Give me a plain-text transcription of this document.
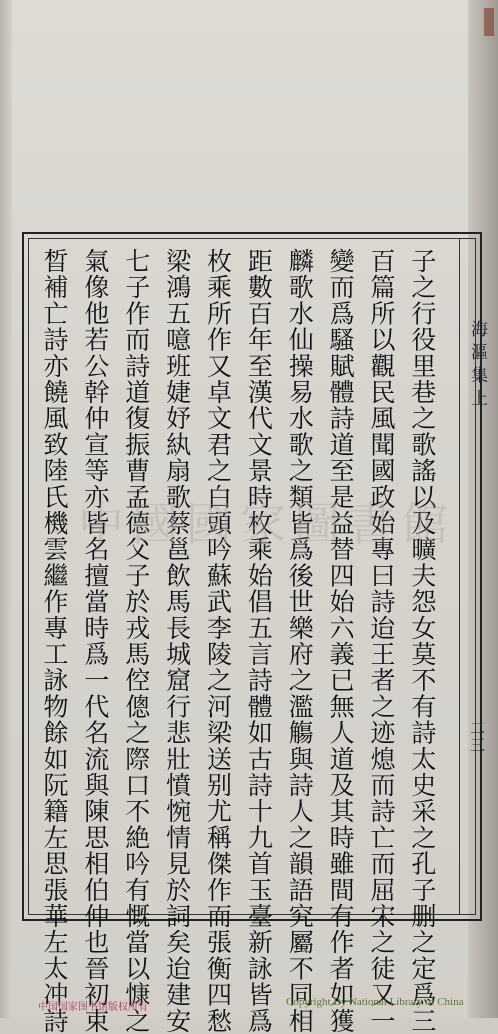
子之行役里巷之歌謠以及曠夫怨女莫不有詩太史采之孔子删之定爲三
百篇所以觀民風聞國政始專曰詩迨王者之迹熄而詩亡而屈宋之徒又一
變而爲騷賦體詩道至是益替四始六義已無人道及其時雖間有作者如獲
麟歌水仙操易水歌之類皆爲後世樂府之濫觴與詩人之韻語究屬不同相
距數百年至漢代文景時枚乘始倡五言詩體如古詩十九首玉臺新詠皆爲
枚乘所作又卓文君之白頭吟蘇武李陵之河梁送别尤稱傑作而張衡四愁
梁鴻五噫班婕妤紈扇歌蔡邕飲馬長城窟行悲壯憤惋情見於詞矣迨建安
七子作而詩道復振曹孟德父子於戎馬倥傯之際口不絶吟有慨當以慷之
氣像他若公幹仲宣等亦皆名擅當時爲一代名流與陳思相伯仲也晉初束
晳補亡詩亦饒風致陸氏機雲繼作專工詠物餘如阮籍左思張華左太冲詩	海漚集上
二三
中國國家圖書館
中国国家图书馆版权所有	Copyright By National Library of China
